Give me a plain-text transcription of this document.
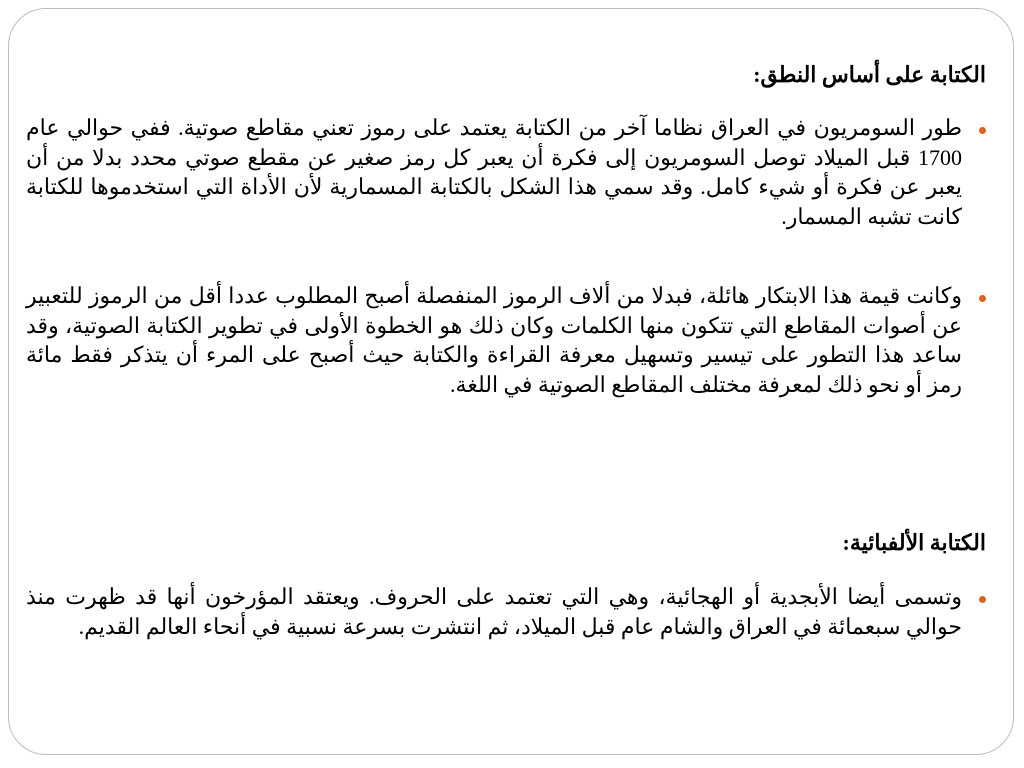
الكتابة على أساس النطق:
طور السومريون في العراق نظاما آخر من الكتابة يعتمد على رموز تعني مقاطع صوتية. ففي حوالي عام 1700 قبل الميلاد توصل السومريون إلى فكرة أن يعبر كل رمز صغير عن مقطع صوتي محدد بدلا من أن يعبر عن فكرة أو شيء كامل. وقد سمي هذا الشكل بالكتابة المسمارية لأن الأداة التي استخدموها للكتابة كانت تشبه المسمار.
وكانت قيمة هذا الابتكار هائلة، فبدلا من ألاف الرموز المنفصلة أصبح المطلوب عددا أقل من الرموز للتعبير عن أصوات المقاطع التي تتكون منها الكلمات وكان ذلك هو الخطوة الأولى في تطوير الكتابة الصوتية، وقد ساعد هذا التطور على تيسير وتسهيل معرفة القراءة والكتابة حيث أصبح على المرء أن يتذكر فقط مائة رمز أو نحو ذلك لمعرفة مختلف المقاطع الصوتية في اللغة.
الكتابة الألفبائية:
وتسمى أيضا الأبجدية أو الهجائية، وهي التي تعتمد على الحروف. ويعتقد المؤرخون أنها قد ظهرت منذ حوالي سبعمائة في العراق والشام عام قبل الميلاد، ثم انتشرت بسرعة نسبية في أنحاء العالم القديم.
